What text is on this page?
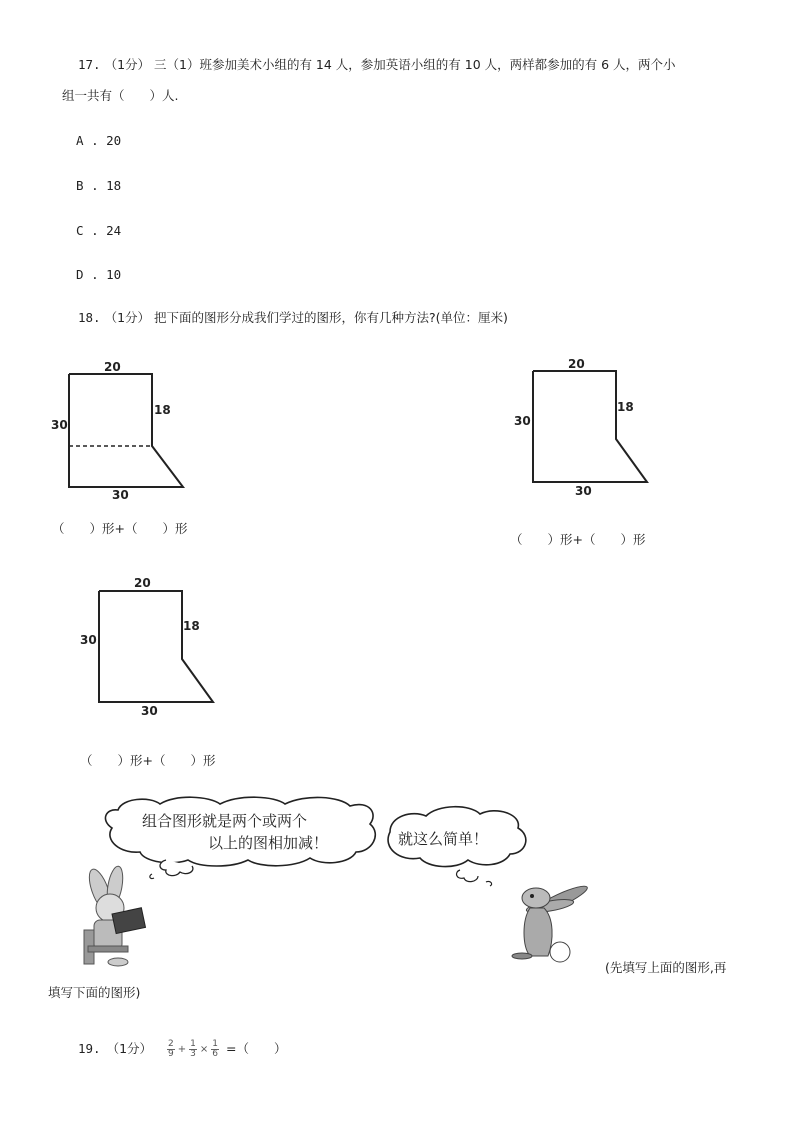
17. （1分） 三（1）班参加美术小组的有 14 人，参加英语小组的有 10 人，两样都参加的有 6 人，两个小
组一共有（　　）人.
A . 20
B . 18
C . 24
D . 10
18. （1分） 把下面的图形分成我们学过的图形，你有几种方法?(单位：厘米)
20
30
18
30
（　　）形+（　　）形
20
30
18
30
（　　）形+（　　）形
20
30
18
30
（　　）形+（　　）形
组合图形就是两个或两个
以上的图相加减！	就这么简单！
(先填写上面的图形,再
填写下面的图形)
19. （1分） $\frac{2}{9} + \frac{1}{3} \times \frac{1}{6}$ =（　　）
